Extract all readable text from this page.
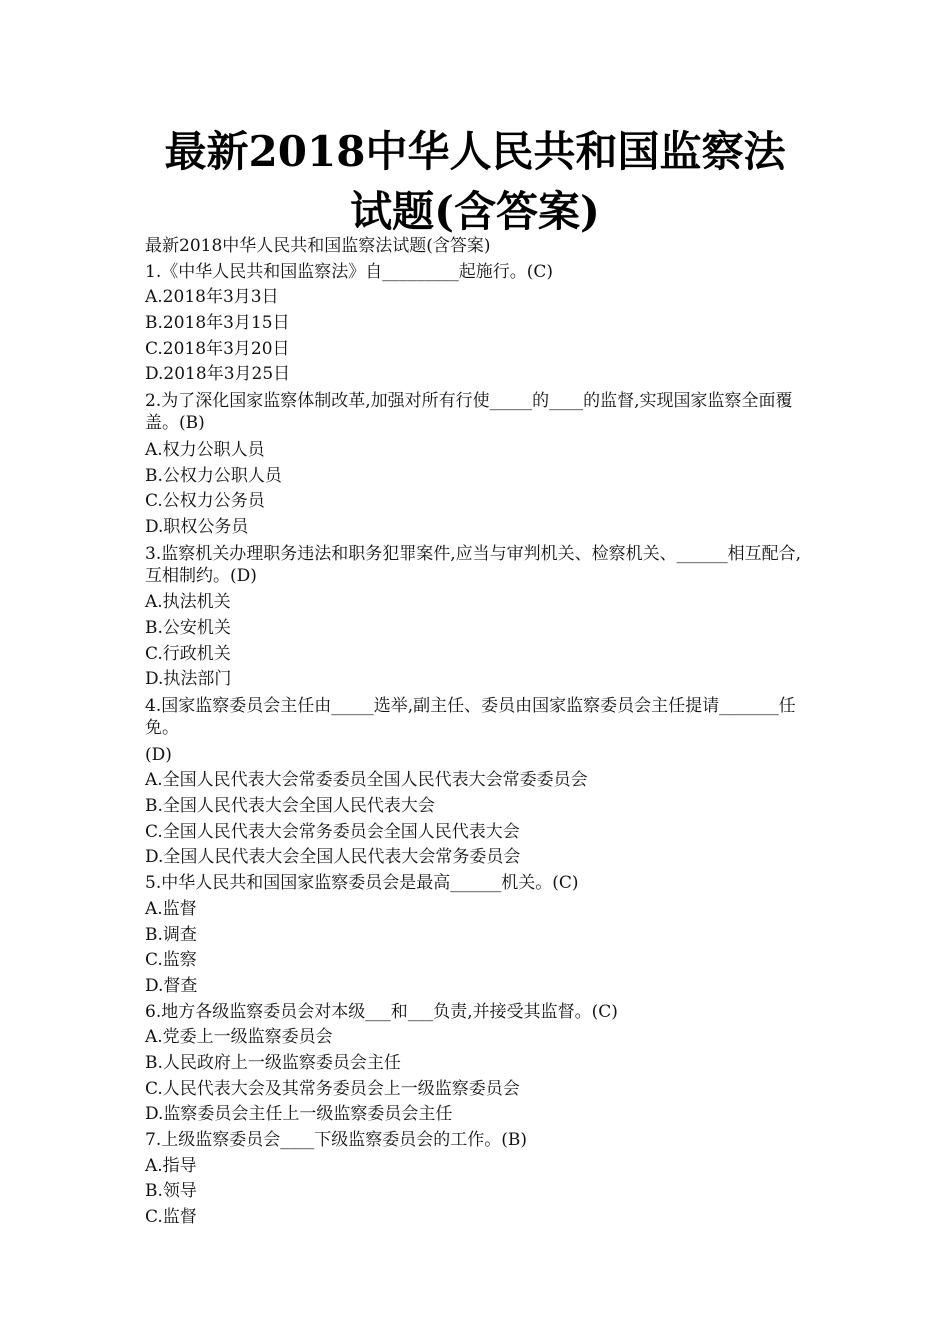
最新2018中华人民共和国监察法
试题(含答案)
最新2018中华人民共和国监察法试题(含答案)
1.《中华人民共和国监察法》自_________起施行。(C)
A.2018年3月3日
B.2018年3月15日
C.2018年3月20日
D.2018年3月25日
2.为了深化国家监察体制改革,加强对所有行使_____的____的监督,实现国家监察全面覆盖。(B)
A.权力公职人员
B.公权力公职人员
C.公权力公务员
D.职权公务员
3.监察机关办理职务违法和职务犯罪案件,应当与审判机关、检察机关、______相互配合,互相制约。(D)
A.执法机关
B.公安机关
C.行政机关
D.执法部门
4.国家监察委员会主任由_____选举,副主任、委员由国家监察委员会主任提请_______任免。
(D)
A.全国人民代表大会常委委员全国人民代表大会常委委员会
B.全国人民代表大会全国人民代表大会
C.全国人民代表大会常务委员会全国人民代表大会
D.全国人民代表大会全国人民代表大会常务委员会
5.中华人民共和国国家监察委员会是最高______机关。(C)
A.监督
B.调查
C.监察
D.督查
6.地方各级监察委员会对本级___和___负责,并接受其监督。(C)
A.党委上一级监察委员会
B.人民政府上一级监察委员会主任
C.人民代表大会及其常务委员会上一级监察委员会
D.监察委员会主任上一级监察委员会主任
7.上级监察委员会____下级监察委员会的工作。(B)
A.指导
B.领导
C.监督
